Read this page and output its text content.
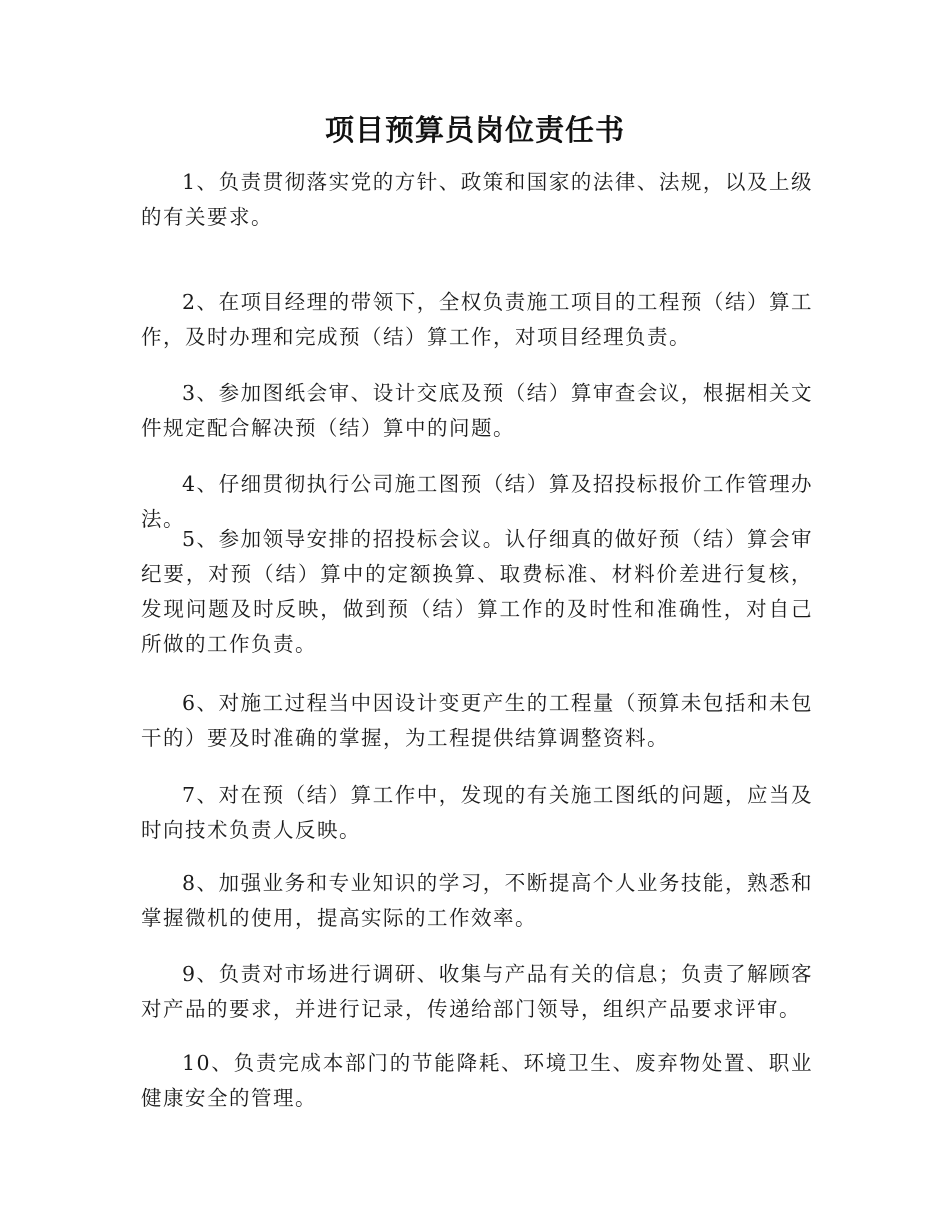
项目预算员岗位责任书

1、负责贯彻落实党的方针、政策和国家的法律、法规，以及上级的有关要求。

2、在项目经理的带领下，全权负责施工项目的工程预（结）算工作，及时办理和完成预（结）算工作，对项目经理负责。

3、参加图纸会审、设计交底及预（结）算审查会议，根据相关文件规定配合解决预（结）算中的问题。

4、仔细贯彻执行公司施工图预（结）算及招投标报价工作管理办法。

5、参加领导安排的招投标会议。认仔细真的做好预（结）算会审纪要，对预（结）算中的定额换算、取费标准、材料价差进行复核，发现问题及时反映，做到预（结）算工作的及时性和准确性，对自己所做的工作负责。

6、对施工过程当中因设计变更产生的工程量（预算未包括和未包干的）要及时准确的掌握，为工程提供结算调整资料。

7、对在预（结）算工作中，发现的有关施工图纸的问题，应当及时向技术负责人反映。

8、加强业务和专业知识的学习，不断提高个人业务技能，熟悉和掌握微机的使用，提高实际的工作效率。

9、负责对市场进行调研、收集与产品有关的信息；负责了解顾客对产品的要求，并进行记录，传递给部门领导，组织产品要求评审。

10、负责完成本部门的节能降耗、环境卫生、废弃物处置、职业健康安全的管理。
